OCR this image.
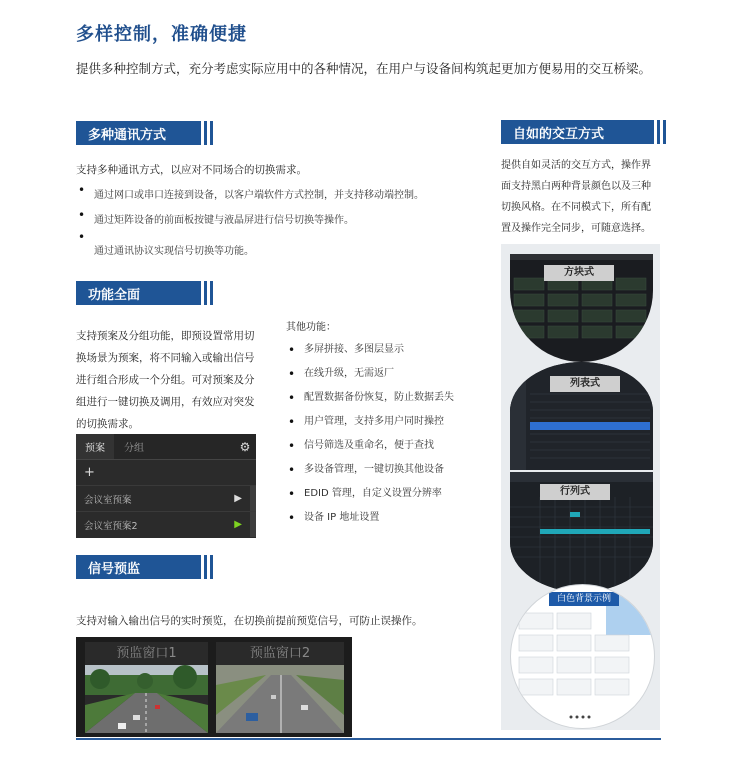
多样控制，准确便捷
提供多种控制方式，充分考虑实际应用中的各种情况，在用户与设备间构筑起更加方便易用的交互桥梁。
多种通讯方式
支持多种通讯方式，以应对不同场合的切换需求。
• 通过网口或串口连接到设备，以客户端软件方式控制，并支持移动端控制。
• 通过矩阵设备的前面板按键与液晶屏进行信号切换等操作。
•
通过通讯协议实现信号切换等功能。
功能全面
支持预案及分组功能，即预设置常用切
换场景为预案，将不同输入或输出信号
进行组合形成一个分组。可对预案及分
组进行一键切换及调用，有效应对突发
的切换需求。
其他功能：
• 多屏拼接、多图层显示
• 在线升级，无需返厂
• 配置数据备份恢复，防止数据丢失
• 用户管理，支持多用户同时操控
• 信号筛选及重命名，便于查找
• 多设备管理，一键切换其他设备
• EDID 管理，自定义设置分辨率
• 设备 IP 地址设置
预案	分组	⚙
+
会议室预案	▶
会议室预案2	▶
信号预监
支持对输入输出信号的实时预览，在切换前提前预览信号，可防止误操作。
预监窗口1	预监窗口2
自如的交互方式
提供自如灵活的交互方式，操作界
面支持黑白两种背景颜色以及三种
切换风格。在不同模式下，所有配
置及操作完全同步，可随意选择。
方块式
列表式
行列式
白色背景示例
